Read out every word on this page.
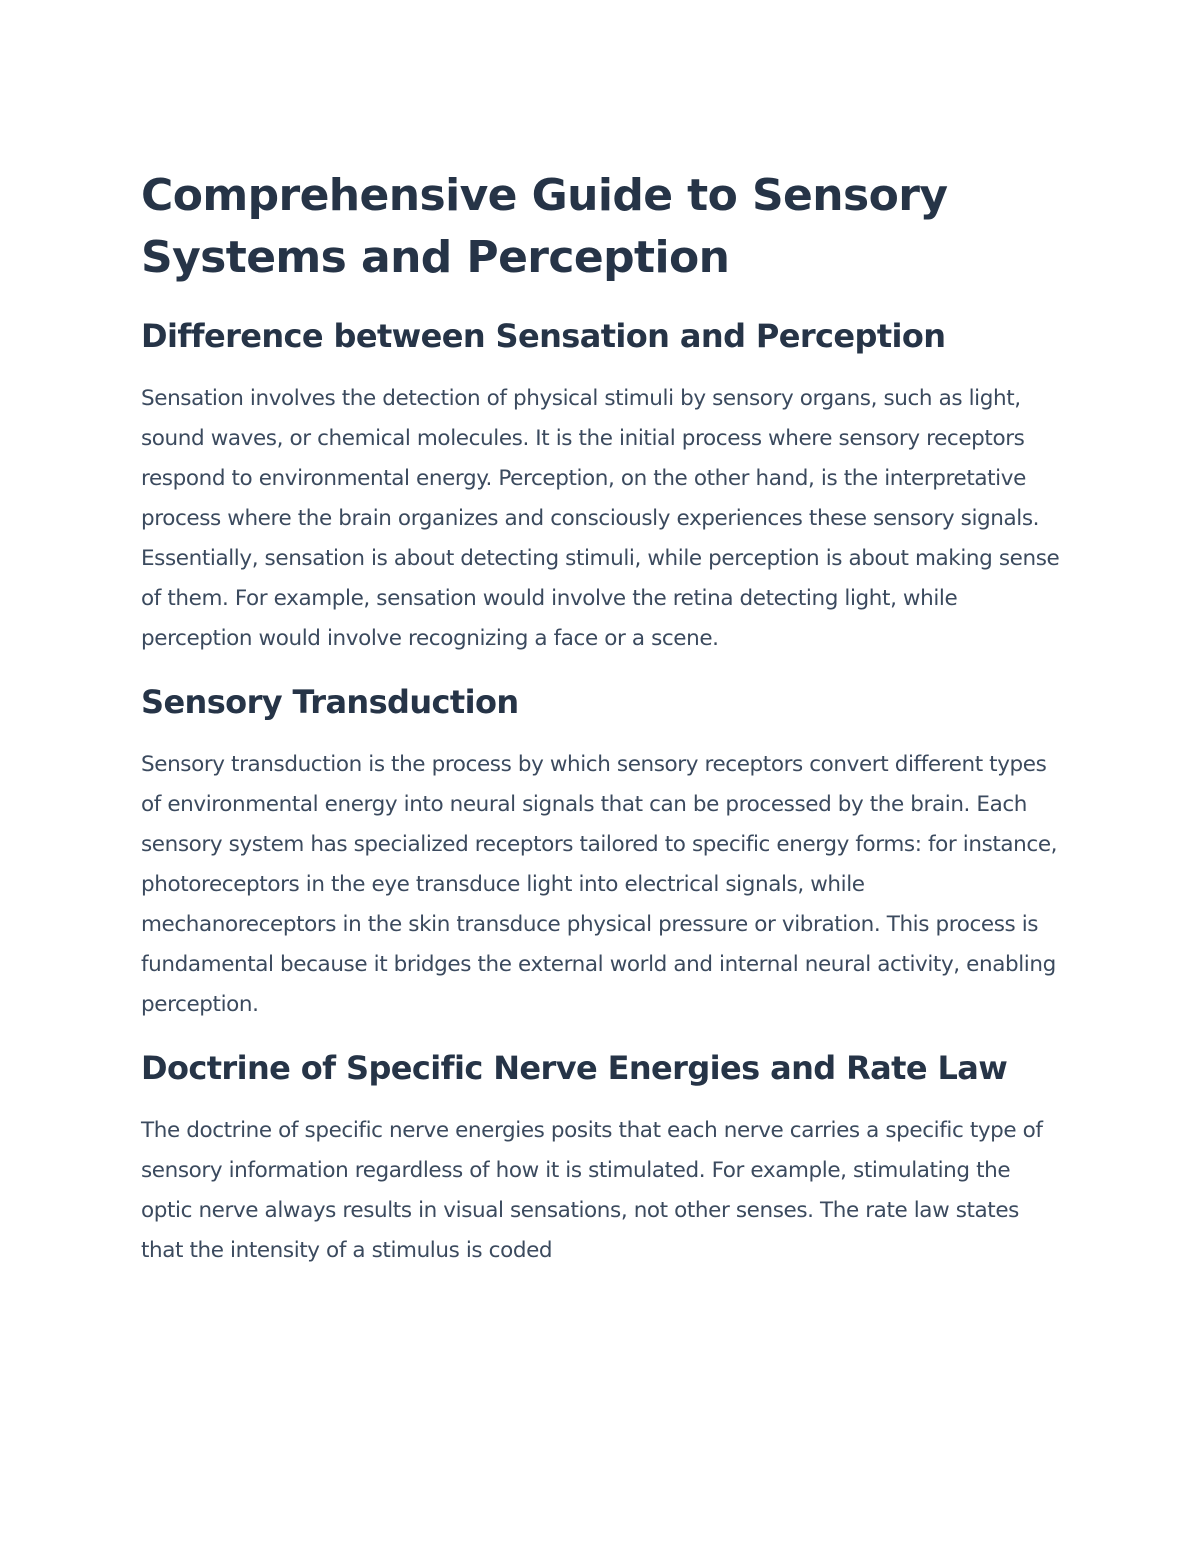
Comprehensive Guide to Sensory Systems and Perception
Difference between Sensation and Perception

Sensation involves the detection of physical stimuli by sensory organs, such as light, sound waves, or chemical molecules. It is the initial process where sensory receptors respond to environmental energy. Perception, on the other hand, is the interpretative process where the brain organizes and consciously experiences these sensory signals. Essentially, sensation is about detecting stimuli, while perception is about making sense of them. For example, sensation would involve the retina detecting light, while perception would involve recognizing a face or a scene.

Sensory Transduction

Sensory transduction is the process by which sensory receptors convert different types of environmental energy into neural signals that can be processed by the brain. Each sensory system has specialized receptors tailored to specific energy forms: for instance, photoreceptors in the eye transduce light into electrical signals, while mechanoreceptors in the skin transduce physical pressure or vibration. This process is fundamental because it bridges the external world and internal neural activity, enabling perception.

Doctrine of Specific Nerve Energies and Rate Law

The doctrine of specific nerve energies posits that each nerve carries a specific type of sensory information regardless of how it is stimulated. For example, stimulating the optic nerve always results in visual sensations, not other senses. The rate law states that the intensity of a stimulus is coded
